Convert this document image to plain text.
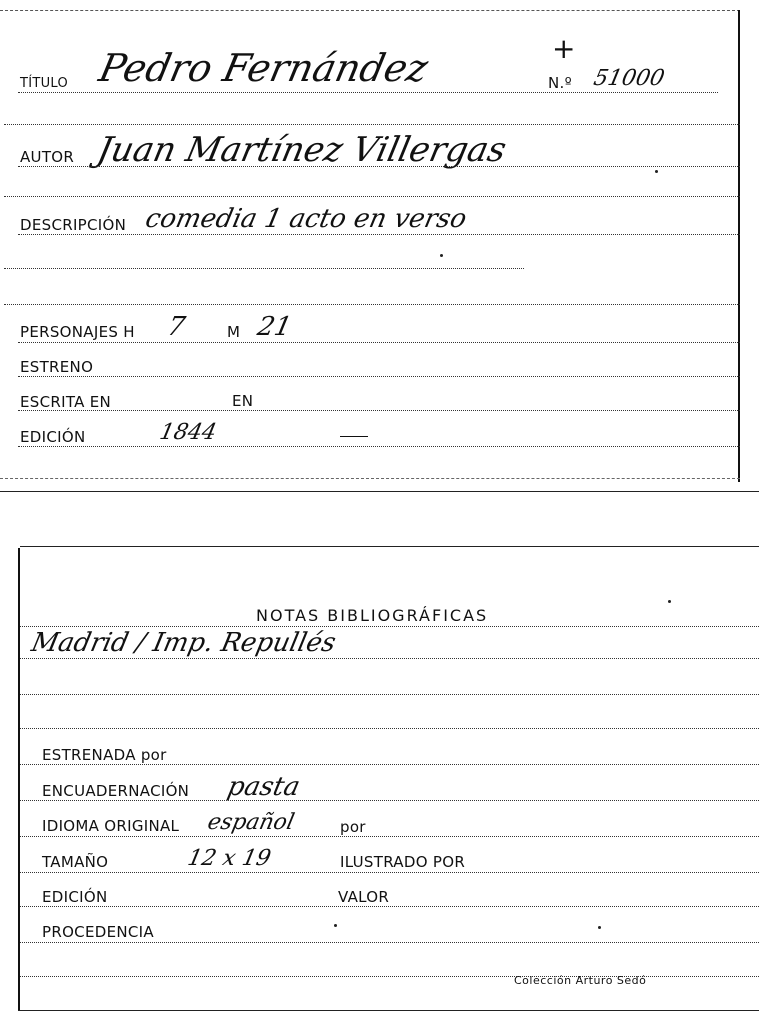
+
TÍTULO Pedro Fernández	N.º 51000
AUTOR Juan Martínez Villergas
DESCRIPCIÓN comedia 1 acto en verso
PERSONAJES H 7	M 21
ESTRENO
ESCRITA EN	EN
EDICIÓN	1844
NOTAS BIBLIOGRÁFICAS
Madrid / Imp. Repullés
ESTRENADA por
ENCUADERNACIÓN pasta
IDIOMA ORIGINAL español	por
TAMAÑO	12 x 19	ILUSTRADO POR
EDICIÓN	VALOR
PROCEDENCIA
Colección Arturo Sedó
